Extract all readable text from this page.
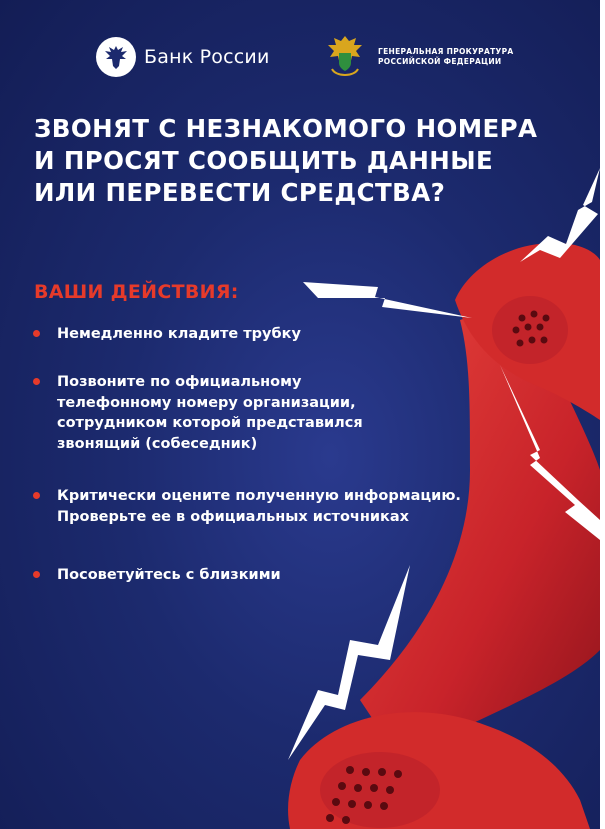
Банк России	ГЕНЕРАЛЬНАЯ ПРОКУРАТУРА
РОССИЙСКОЙ ФЕДЕРАЦИИ
ЗВОНЯТ С НЕЗНАКОМОГО НОМЕРА
И ПРОСЯТ СООБЩИТЬ ДАННЫЕ
ИЛИ ПЕРЕВЕСТИ СРЕДСТВА?
ВАШИ ДЕЙСТВИЯ:
Немедленно кладите трубку
Позвоните по официальному
телефонному номеру организации,
сотрудником которой представился
звонящий (собеседник)
Критически оцените полученную информацию.
Проверьте ее в официальных источниках
Посоветуйтесь с близкими
